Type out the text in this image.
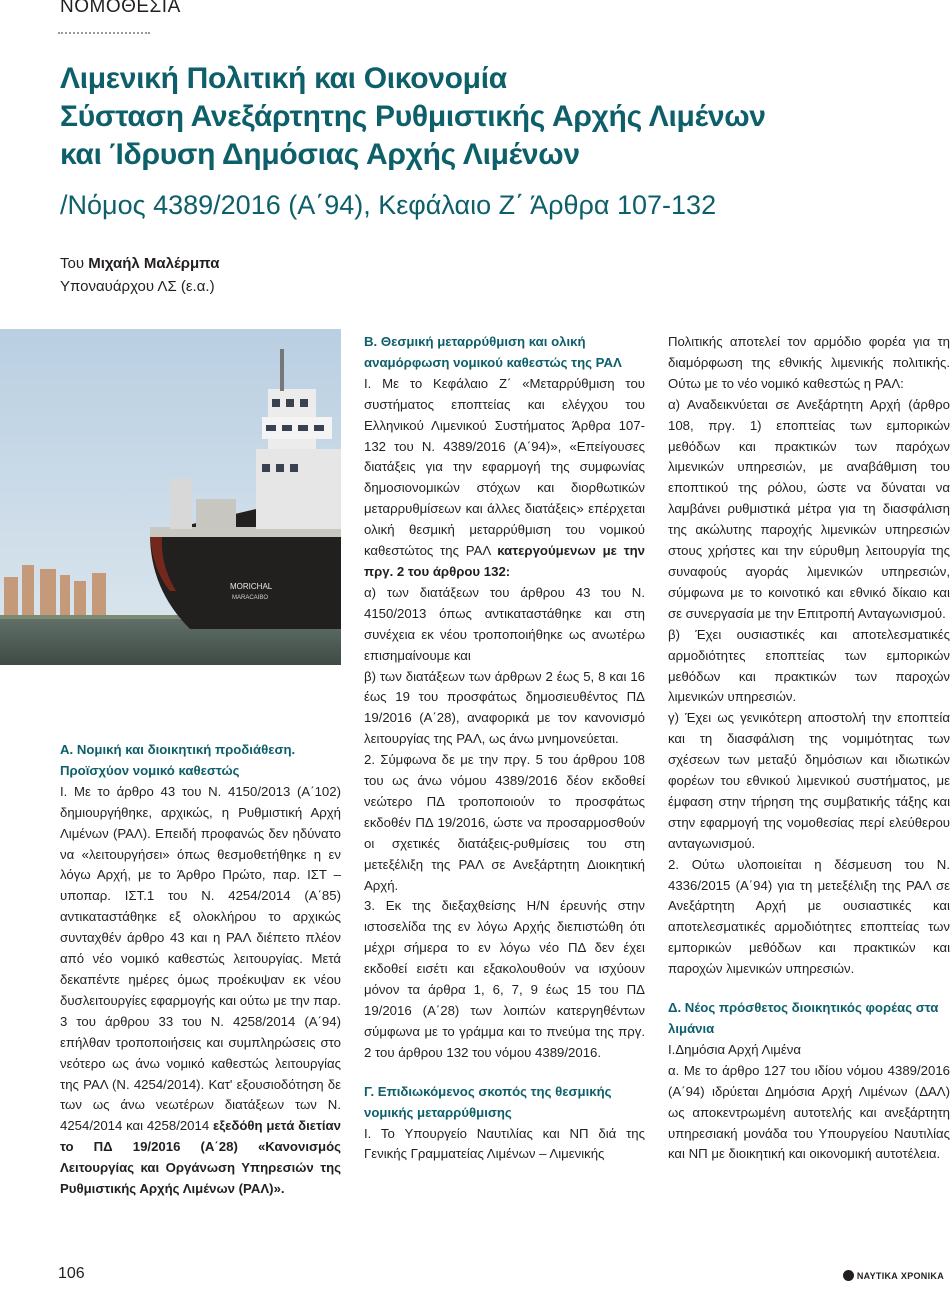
ΝΟΜΟΘΕΣΙΑ
Λιμενική Πολιτική και Οικονομία
Σύσταση Ανεξάρτητης Ρυθμιστικής Αρχής Λιμένων
και Ίδρυση Δημόσιας Αρχής Λιμένων
/Νόμος 4389/2016 (Α΄94), Κεφάλαιο Ζ΄ Άρθρα 107-132
Του Μιχαήλ Μαλέρμπα
Υποναυάρχου ΛΣ (ε.α.)
MORICHAL
MARACAIBO

Α. Νομική και διοικητική προδιάθεση. Προϊσχύον νομικό καθεστώς

Ι. Με το άρθρο 43 του Ν. 4150/2013 (Α΄102) δημιουργήθηκε, αρχικώς, η Ρυθμιστική Αρχή Λιμένων (ΡΑΛ). Επειδή προφανώς δεν ηδύνατο να «λειτουργήσει» όπως θεσμοθετήθηκε η εν λόγω Αρχή, με το Άρθρο Πρώτο, παρ. ΙΣΤ – υποπαρ. ΙΣΤ.1 του Ν. 4254/2014 (Α΄85) αντικαταστάθηκε εξ ολοκλήρου το αρχικώς συνταχθέν άρθρο 43 και η ΡΑΛ διέπετο πλέον από νέο νομικό καθεστώς λειτουργίας. Μετά δεκαπέντε ημέρες όμως προέκυψαν εκ νέου δυσλειτουργίες εφαρμογής και ούτω με την παρ. 3 του άρθρου 33 του Ν. 4258/2014 (Α΄94) επήλθαν τροποποιήσεις και συμπληρώσεις στο νεότερο ως άνω νομικό καθεστώς λειτουργίας της ΡΑΛ (Ν. 4254/2014). Κατ' εξουσιοδότηση δε των ως άνω νεωτέρων διατάξεων των Ν. 4254/2014 και 4258/2014 εξεδόθη μετά διετίαν το ΠΔ 19/2016 (Α΄28) «Κανονισμός Λειτουργίας και Οργάνωση Υπηρεσιών της Ρυθμιστικής Αρχής Λιμένων (ΡΑΛ)».

Β. Θεσμική μεταρρύθμιση και ολική αναμόρφωση νομικού καθεστώς της ΡΑΛ

Ι. Με το Κεφάλαιο Ζ΄ «Μεταρρύθμιση του συστήματος εποπτείας και ελέγχου του Ελληνικού Λιμενικού Συστήματος Άρθρα 107-132 του Ν. 4389/2016 (Α΄94)», «Επείγουσες διατάξεις για την εφαρμογή της συμφωνίας δημοσιονομικών στόχων και διορθωτικών μεταρρυθμίσεων και άλλες διατάξεις» επέρχεται ολική θεσμική μεταρρύθμιση του νομικού καθεστώτος της ΡΑΛ κατεργούμενων με την πργ. 2 του άρθρου 132:

α) των διατάξεων του άρθρου 43 του Ν. 4150/2013 όπως αντικαταστάθηκε και στη συνέχεια εκ νέου τροποποιήθηκε ως ανωτέρω επισημαίνουμε και

β) των διατάξεων των άρθρων 2 έως 5, 8 και 16 έως 19 του προσφάτως δημοσιευθέντος ΠΔ 19/2016 (Α΄28), αναφορικά με τον κανονισμό λειτουργίας της ΡΑΛ, ως άνω μνημονεύεται.

2. Σύμφωνα δε με την πργ. 5 του άρθρου 108 του ως άνω νόμου 4389/2016 δέον εκδοθεί νεώτερο ΠΔ τροποποιούν το προσφάτως εκδοθέν ΠΔ 19/2016, ώστε να προσαρμοσθούν οι σχετικές διατάξεις-ρυθμίσεις του στη μετεξέλιξη της ΡΑΛ σε Ανεξάρτητη Διοικητική Αρχή.

3. Εκ της διεξαχθείσης Η/Ν έρευνής στην ιστοσελίδα της εν λόγω Αρχής διεπιστώθη ότι μέχρι σήμερα το εν λόγω νέο ΠΔ δεν έχει εκδοθεί εισέτι και εξακολουθούν να ισχύουν μόνον τα άρθρα 1, 6, 7, 9 έως 15 του ΠΔ 19/2016 (Α΄28) των λοιπών κατεργηθέντων σύμφωνα με το γράμμα και το πνεύμα της πργ. 2 του άρθρου 132 του νόμου 4389/2016.

Γ. Επιδιωκόμενος σκοπός της θεσμικής νομικής μεταρρύθμισης

Ι. Το Υπουργείο Ναυτιλίας και ΝΠ διά της Γενικής Γραμματείας Λιμένων – Λιμενικής

Πολιτικής αποτελεί τον αρμόδιο φορέα για τη διαμόρφωση της εθνικής λιμενικής πολιτικής. Ούτω με το νέο νομικό καθεστώς η ΡΑΛ:

α) Αναδεικνύεται σε Ανεξάρτητη Αρχή (άρθρο 108, πργ. 1) εποπτείας των εμπορικών μεθόδων και πρακτικών των παρόχων λιμενικών υπηρεσιών, με αναβάθμιση του εποπτικού της ρόλου, ώστε να δύναται να λαμβάνει ρυθμιστικά μέτρα για τη διασφάλιση της ακώλυτης παροχής λιμενικών υπηρεσιών στους χρήστες και την εύρυθμη λειτουργία της συναφούς αγοράς λιμενικών υπηρεσιών, σύμφωνα με το κοινοτικό και εθνικό δίκαιο και σε συνεργασία με την Επιτροπή Ανταγωνισμού.

β) Έχει ουσιαστικές και αποτελεσματικές αρμοδιότητες εποπτείας των εμπορικών μεθόδων και πρακτικών των παροχών λιμενικών υπηρεσιών.

γ) Έχει ως γενικότερη αποστολή την εποπτεία και τη διασφάλιση της νομιμότητας των σχέσεων των μεταξύ δημόσιων και ιδιωτικών φορέων του εθνικού λιμενικού συστήματος, με έμφαση στην τήρηση της συμβατικής τάξης και στην εφαρμογή της νομοθεσίας περί ελεύθερου ανταγωνισμού.

2. Ούτω υλοποιείται η δέσμευση του Ν. 4336/2015 (Α΄94) για τη μετεξέλιξη της ΡΑΛ σε Ανεξάρτητη Αρχή με ουσιαστικές και αποτελεσματικές αρμοδιότητες εποπτείας των εμπορικών μεθόδων και πρακτικών και παροχών λιμενικών υπηρεσιών.

Δ. Νέος πρόσθετος διοικητικός φορέας στα λιμάνια

Ι.Δημόσια Αρχή Λιμένα

α. Με το άρθρο 127 του ιδίου νόμου 4389/2016 (Α΄94) ιδρύεται Δημόσια Αρχή Λιμένων (ΔΑΛ) ως αποκεντρωμένη αυτοτελής και ανεξάρτητη υπηρεσιακή μονάδα του Υπουργείου Ναυτιλίας και ΝΠ με διοικητική και οικονομική αυτοτέλεια.

106	ΝΑΥΤΙΚΑ ΧΡΟΝΙΚΑ
